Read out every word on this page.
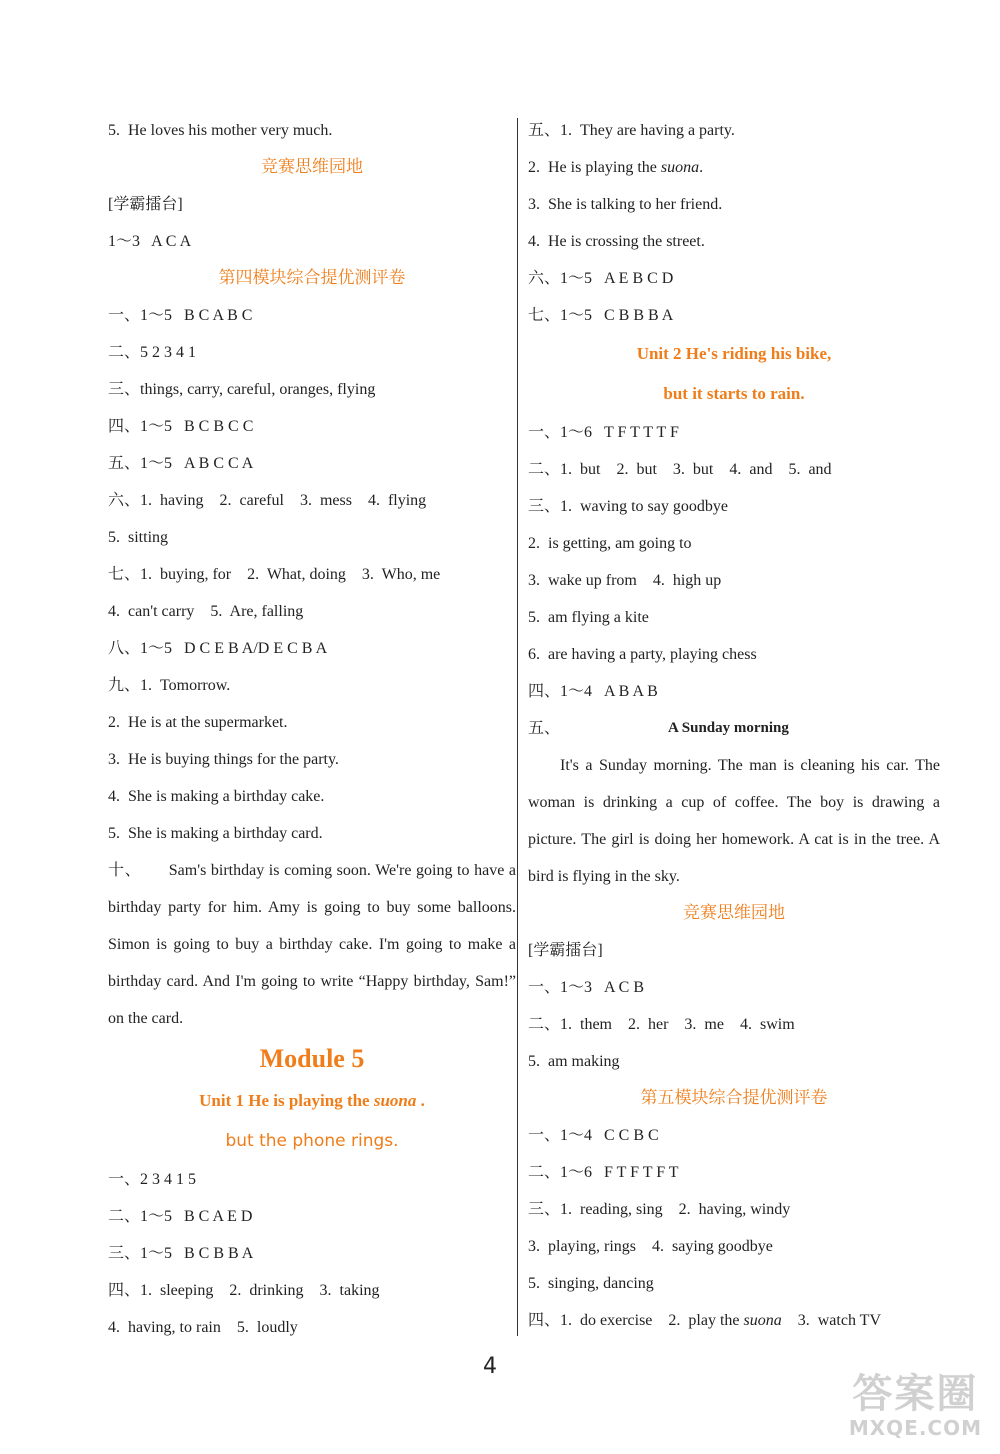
5.  He loves his mother very much.
竞赛思维园地
[学霸擂台]
1～3   A C A
第四模块综合提优测评卷
一、1～5   B C A B C
二、5 2 3 4 1
三、things, carry, careful, oranges, flying
四、1～5   B C B C C
五、1～5   A B C C A
六、1.  having    2.  careful    3.  mess    4.  flying
5.  sitting
七、1.  buying, for    2.  What, doing    3.  Who, me
4.  can't carry    5.  Are, falling
八、1～5   D C E B A/D E C B A
九、1.  Tomorrow.
2.  He is at the supermarket.
3.  He is buying things for the party.
4.  She is making a birthday cake.
5.  She is making a birthday card.
十、 Sam's birthday is coming soon. We're going to have a birthday party for him. Amy is going to buy some balloons. Simon is going to buy a birthday cake. I'm going to make a birthday card. And I'm going to write “Happy birthday, Sam!” on the card.
Module 5
Unit 1 He is playing the suona .
but the phone rings.
一、2 3 4 1 5
二、1～5   B C A E D
三、1～5   B C B B A
四、1.  sleeping    2.  drinking    3.  taking
4.  having, to rain    5.  loudly
五、1.  They are having a party.
2.  He is playing the suona.
3.  She is talking to her friend.
4.  He is crossing the street.
六、1～5   A E B C D
七、1～5   C B B B A
Unit 2 He's riding his bike,
but it starts to rain.
一、1～6   T F T T T F
二、1.  but    2.  but    3.  but    4.  and    5.  and
三、1.  waving to say goodbye
2.  is getting, am going to
3.  wake up from    4.  high up
5.  am flying a kite
6.  are having a party, playing chess
四、1～4   A B A B
五、	A Sunday morning
It's a Sunday morning. The man is cleaning his car. The woman is drinking a cup of coffee. The boy is drawing a picture. The girl is doing her homework. A cat is in the tree. A bird is flying in the sky.
竞赛思维园地
[学霸擂台]
一、1～3   A C B
二、1.  them    2.  her    3.  me    4.  swim
5.  am making
第五模块综合提优测评卷
一、1～4   C C B C
二、1～6   F T F T F T
三、1.  reading, sing    2.  having, windy
3.  playing, rings    4.  saying goodbye
5.  singing, dancing
四、1.  do exercise    2.  play the suona    3.  watch TV
4
答案圈
MXQE.COM
